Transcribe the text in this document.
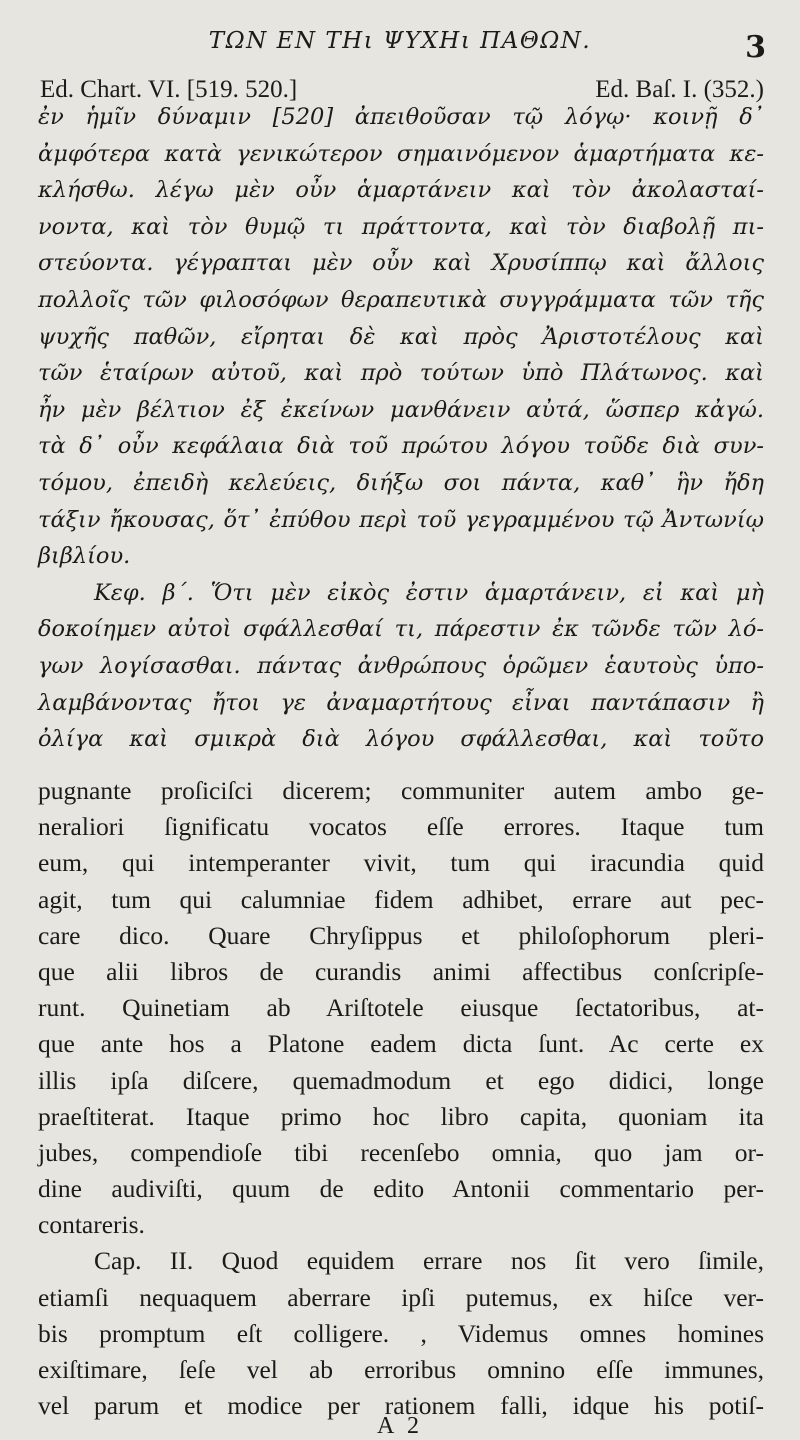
ΤΩΝ ΕΝ ΤΗι ΨΥΧΗι ΠΑΘΩΝ.	3
Ed. Chart. VI. [519. 520.]	Ed. Baſ. I. (352.)
ἐν ἡμῖν δύναμιν [520] ἀπειθοῦσαν τῷ λόγῳ· κοινῇ δ᾽
ἀμφότερα κατὰ γενικώτερον σημαινόμενον ἁμαρτήματα κε-
κλήσθω. λέγω μὲν οὖν ἁμαρτάνειν καὶ τὸν ἀκολασταί-
νοντα, καὶ τὸν θυμῷ τι πράττοντα, καὶ τὸν διαβολῇ πι-
στεύοντα. γέγραπται μὲν οὖν καὶ Χρυσίππῳ καὶ ἄλλοις
πολλοῖς τῶν φιλοσόφων θεραπευτικὰ συγγράμματα τῶν τῆς
ψυχῆς παθῶν, εἴρηται δὲ καὶ πρὸς Ἀριστοτέλους καὶ
τῶν ἑταίρων αὐτοῦ, καὶ πρὸ τούτων ὑπὸ Πλάτωνος. καὶ
ἦν μὲν βέλτιον ἐξ ἐκείνων μανθάνειν αὐτά, ὥσπερ κἀγώ.
τὰ δ᾽ οὖν κεφάλαια διὰ τοῦ πρώτου λόγου τοῦδε διὰ συν-
τόμου, ἐπειδὴ κελεύεις, διήξω σοι πάντα, καθ᾽ ἣν ἤδη
τάξιν ἤκουσας, ὅτ᾽ ἐπύθου περὶ τοῦ γεγραμμένου τῷ Ἀντωνίῳ
βιβλίου.
Κεφ. β΄. Ὅτι μὲν εἰκὸς ἐστιν ἁμαρτάνειν, εἰ καὶ μὴ
δοκοίημεν αὐτοὶ σφάλλεσθαί τι, πάρεστιν ἐκ τῶνδε τῶν λό-
γων λογίσασθαι. πάντας ἀνθρώπους ὁρῶμεν ἑαυτοὺς ὑπο-
λαμβάνοντας ἤτοι γε ἀναμαρτήτους εἶναι παντάπασιν ἢ
ὀλίγα καὶ σμικρὰ διὰ λόγου σφάλλεσθαι, καὶ τοῦτο
pugnante proſiciſci dicerem; communiter autem ambo ge-
neraliori ſignificatu vocatos eſſe errores. Itaque tum
eum, qui intemperanter vivit, tum qui iracundia quid
agit, tum qui calumniae fidem adhibet, errare aut pec-
care dico. Quare Chryſippus et philoſophorum pleri-
que alii libros de curandis animi affectibus conſcripſe-
runt. Quinetiam ab Ariſtotele eiusque ſectatoribus, at-
que ante hos a Platone eadem dicta ſunt. Ac certe ex
illis ipſa diſcere, quemadmodum et ego didici, longe
praeſtiterat. Itaque primo hoc libro capita, quoniam ita
jubes, compendioſe tibi recenſebo omnia, quo jam or-
dine audiviſti, quum de edito Antonii commentario per-
contareris.
Cap. II. Quod equidem errare nos ſit vero ſimile,
etiamſi nequaquem aberrare ipſi putemus, ex hiſce ver-
bis promptum eſt colligere. , Videmus omnes homines
exiſtimare, ſeſe vel ab erroribus omnino eſſe immunes,
vel parum et modice per rationem falli, idque his potiſ-
A 2
